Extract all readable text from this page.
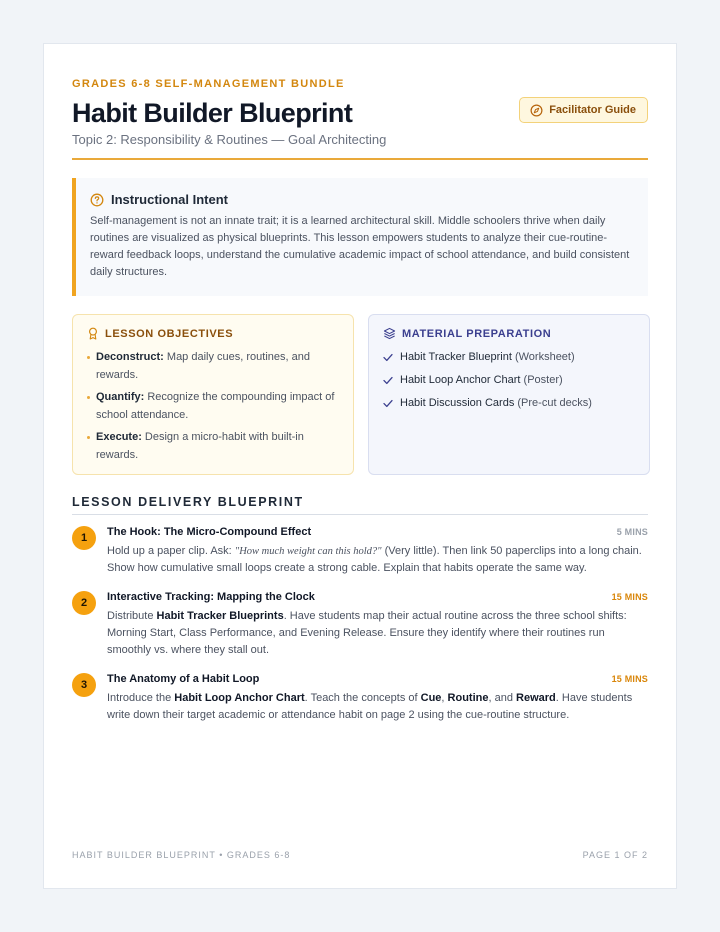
GRADES 6-8 SELF-MANAGEMENT BUNDLE
Habit Builder Blueprint
Topic 2: Responsibility & Routines — Goal Architecting
Facilitator Guide
Instructional Intent

Self-management is not an innate trait; it is a learned architectural skill. Middle schoolers thrive when daily routines are visualized as physical blueprints. This lesson empowers students to analyze their cue-routine-reward feedback loops, understand the cumulative academic impact of school attendance, and build consistent daily structures.

LESSON OBJECTIVES
Deconstruct: Map daily cues, routines, and rewards.
Quantify: Recognize the compounding impact of school attendance.
Execute: Design a micro-habit with built-in rewards.
MATERIAL PREPARATION
Habit Tracker Blueprint (Worksheet)
Habit Loop Anchor Chart (Poster)
Habit Discussion Cards (Pre-cut decks)
LESSON DELIVERY BLUEPRINT
1	The Hook: The Micro-Compound Effect	5 MINS

Hold up a paper clip. Ask: "How much weight can this hold?" (Very little). Then link 50 paperclips into a long chain. Show how cumulative small loops create a strong cable. Explain that habits operate the same way.

2	Interactive Tracking: Mapping the Clock	15 MINS

Distribute Habit Tracker Blueprints. Have students map their actual routine across the three school shifts: Morning Start, Class Performance, and Evening Release. Ensure they identify where their routines run smoothly vs. where they stall out.

3	The Anatomy of a Habit Loop	15 MINS

Introduce the Habit Loop Anchor Chart. Teach the concepts of Cue, Routine, and Reward. Have students write down their target academic or attendance habit on page 2 using the cue-routine structure.

HABIT BUILDER BLUEPRINT • GRADES 6-8	PAGE 1 OF 2
